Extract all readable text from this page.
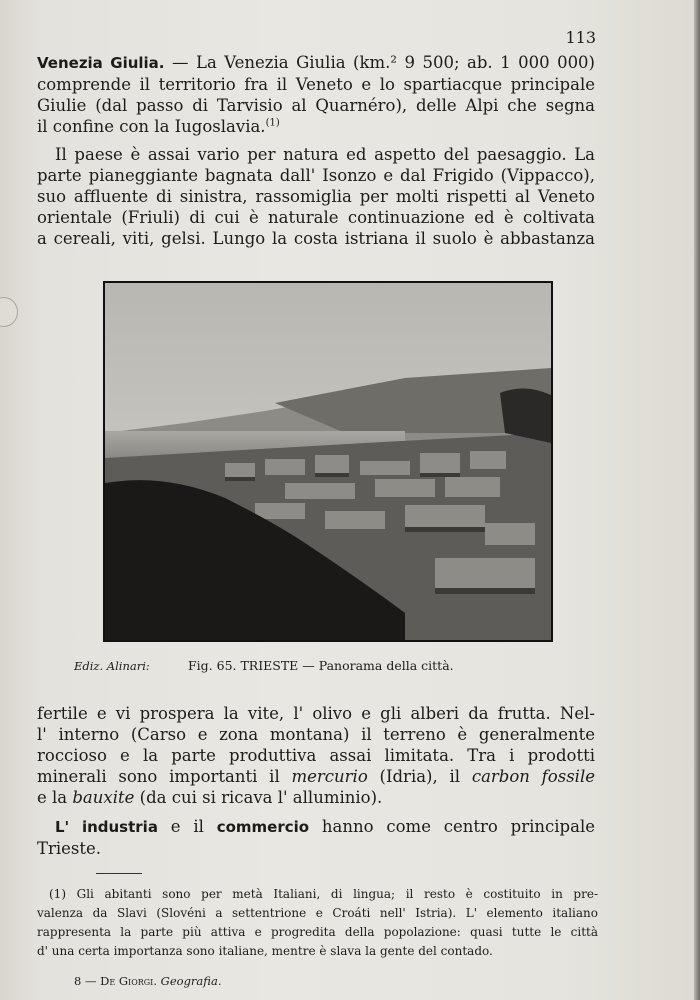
113
Venezia Giulia. — La Venezia Giulia (km.² 9 500; ab. 1 000 000)
comprende il territorio fra il Veneto e lo spartiacque principale
Giulie (dal passo di Tarvisio al Quarnéro), delle Alpi che segna
il confine con la Iugoslavia.$^{(1)}$
Il paese è assai vario per natura ed aspetto del paesaggio. La
parte pianeggiante bagnata dall' Isonzo e dal Frigido (Vippacco),
suo affluente di sinistra, rassomiglia per molti rispetti al Veneto
orientale (Friuli) di cui è naturale continuazione ed è coltivata
a cereali, viti, gelsi. Lungo la costa istriana il suolo è abbastanza
Ediz. Alinari:	Fig. 65. TRIESTE — Panorama della città.
fertile e vi prospera la vite, l' olivo e gli alberi da frutta. Nel-
l' interno (Carso e zona montana) il terreno è generalmente
roccioso e la parte produttiva assai limitata. Tra i prodotti
minerali sono importanti il mercurio (Idria), il carbon fossile
e la bauxite (da cui si ricava l' alluminio).
L' industria e il commercio hanno come centro principale
Trieste.
(1) Gli abitanti sono per metà Italiani, di lingua; il resto è costituito in pre-
valenza da Slavi (Slovéni a settentrione e Croáti nell' Istria). L' elemento italiano
rappresenta la parte più attiva e progredita della popolazione: quasi tutte le città
d' una certa importanza sono italiane, mentre è slava la gente del contado.
8 — De Giorgi. Geografia.
